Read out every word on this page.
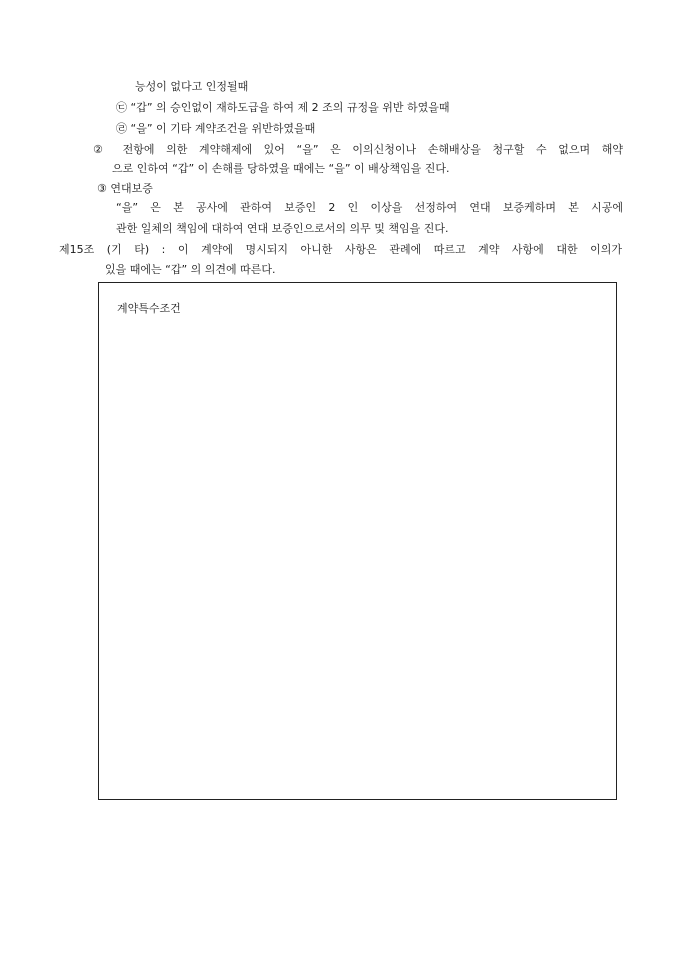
능성이 없다고 인정될때
㉢ “갑” 의 승인없이 재하도급을 하여 제 2 조의 규정을 위반 하였을때
㉣ “을” 이 기타 계약조건을 위반하였을때
② 전항에 의한 계약해제에 있어 “을” 은 이의신청이나 손해배상을 청구할 수 없으며 해약
으로 인하여 “갑” 이 손해를 당하였을 때에는 “을” 이 배상책임을 진다.
③ 연대보증
“을” 은 본 공사에 관하여 보증인 2 인 이상을 선정하여 연대 보증케하며 본 시공에
관한 일체의 책임에 대하여 연대 보증인으로서의 의무 및 책임을 진다.
제15조 (기 타) : 이 계약에 명시되지 아니한 사항은 관례에 따르고 계약 사항에 대한 이의가
있을 때에는 “갑” 의 의견에 따른다.
계약특수조건
